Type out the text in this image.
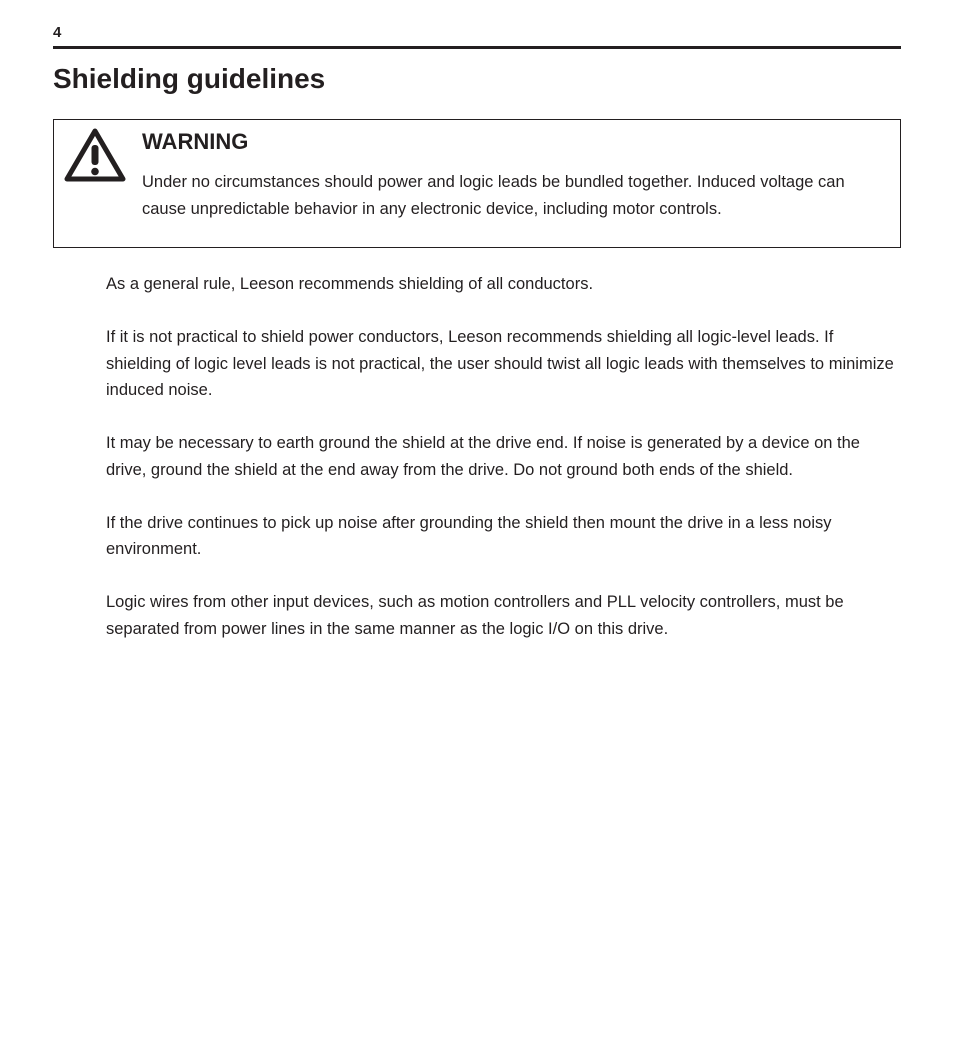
4
Shielding guidelines
WARNING

Under no circumstances should power and logic leads be bundled together. Induced voltage can cause unpredictable behavior in any electronic device, including motor controls.

As a general rule, Leeson recommends shielding of all conductors.

If it is not practical to shield power conductors, Leeson recommends shielding all logic-level leads. If shielding of logic level leads is not practical, the user should twist all logic leads with themselves to minimize induced noise.

It may be necessary to earth ground the shield at the drive end. If noise is generated by a device on the drive, ground the shield at the end away from the drive. Do not ground both ends of the shield.

If the drive continues to pick up noise after grounding the shield then mount the drive in a less noisy environment.

Logic wires from other input devices, such as motion controllers and PLL velocity controllers, must be separated from power lines in the same manner as the logic I/O on this drive.
